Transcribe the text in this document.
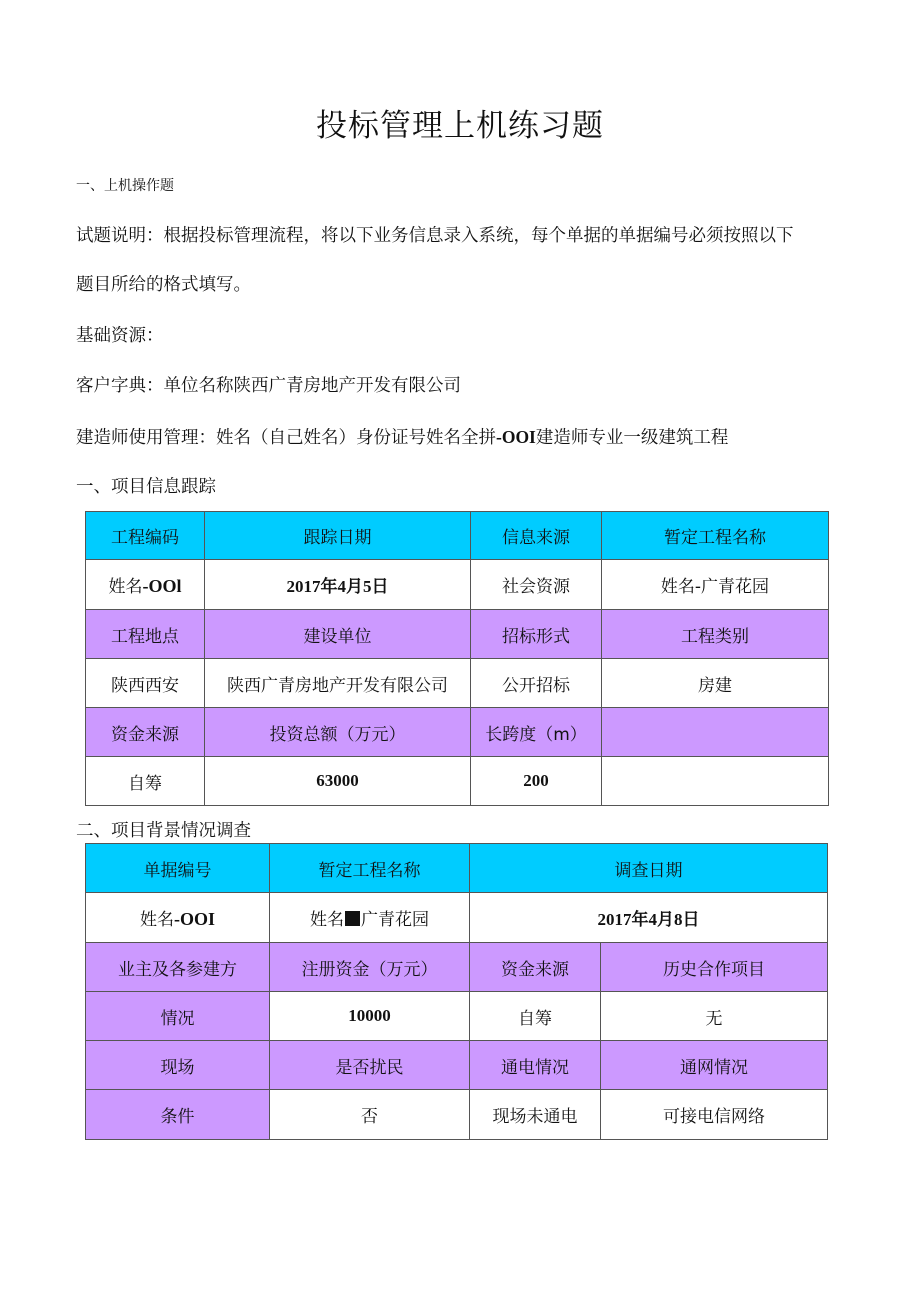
投标管理上机练习题
一、上机操作题
试题说明：根据投标管理流程，将以下业务信息录入系统，每个单据的单据编号必须按照以下
题目所给的格式填写。
基础资源：
客户字典：单位名称陕西广青房地产开发有限公司
建造师使用管理：姓名（自己姓名）身份证号姓名全拼-OOI建造师专业一级建筑工程
一、项目信息跟踪
工程编码	跟踪日期	信息来源	暂定工程名称
姓名-OOl	2017年4月5日	社会资源	姓名-广青花园
工程地点	建设单位	招标形式	工程类别
陕西西安	陕西广青房地产开发有限公司	公开招标	房建
资金来源	投资总额（万元）	长跨度（m）	
自筹	63000	200	
二、项目背景情况调查
单据编号	暂定工程名称	调查日期	
姓名-OOI	姓名 广青花园	2017年4月8日	
业主及各参建方	注册资金（万元）	资金来源	历史合作项目
情况	10000	自筹	无
现场	是否扰民	通电情况	通网情况
条件	否	现场未通电	可接电信网络
